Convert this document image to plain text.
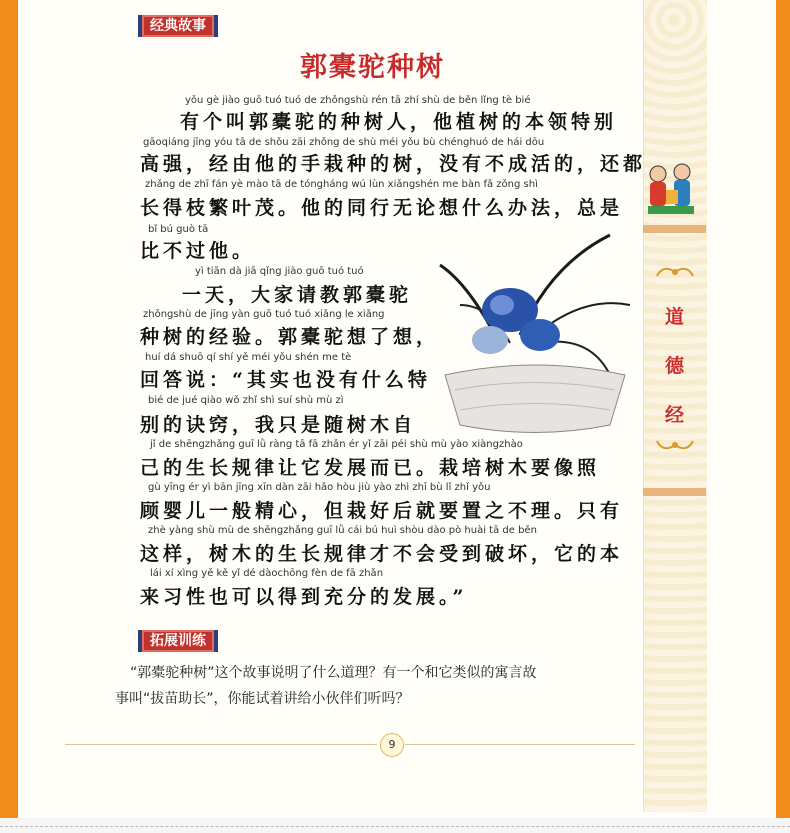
道
德
经
经典故事
郭橐驼种树
yǒu gè jiào guō tuó tuó de zhǒngshù rén tā zhí shù de běn lǐng tè bié
有个叫郭橐驼的种树人，他植树的本领特别
gāoqiáng jīng yóu tā de shǒu zāi zhǒng de shù méi yǒu bù chénghuó de hái dōu
高强，经由他的手栽种的树，没有不成活的，还都
zhǎng de zhī fán yè mào tā de tóngháng wú lùn xiǎngshén me bàn fǎ zǒng shì
长得枝繁叶茂。他的同行无论想什么办法，总是
bǐ bú guò tā
比不过他。
yì tiān dà jiā qǐng jiào guō tuó tuó
一天，大家请教郭橐驼
zhǒngshù de jīng yàn guō tuó tuó xiǎng le xiǎng
种树的经验。郭橐驼想了想，
huí dá shuō qí shí yě méi yǒu shén me tè
回答说：“其实也没有什么特
bié de jué qiào wǒ zhǐ shì suí shù mù zì
别的诀窍，我只是随树木自
jǐ de shēngzhǎng guī lǜ ràng tā fā zhǎn ér yǐ zāi péi shù mù yào xiàngzhào
己的生长规律让它发展而已。栽培树木要像照
gù yīng ér yì bān jīng xīn dàn zāi hǎo hòu jiù yào zhì zhī bù lǐ zhǐ yǒu
顾婴儿一般精心，但栽好后就要置之不理。只有
zhè yàng shù mù de shēngzhǎng guī lǜ cái bú huì shòu dào pò huài tā de běn
这样，树木的生长规律才不会受到破坏，它的本
lái xí xìng yě kě yǐ dé dàochōng fèn de fā zhǎn
来习性也可以得到充分的发展。”
拓展训练
“郭橐驼种树”这个故事说明了什么道理？有一个和它类似的寓言故
事叫“拔苗助长”，你能试着讲给小伙伴们听吗？
9
